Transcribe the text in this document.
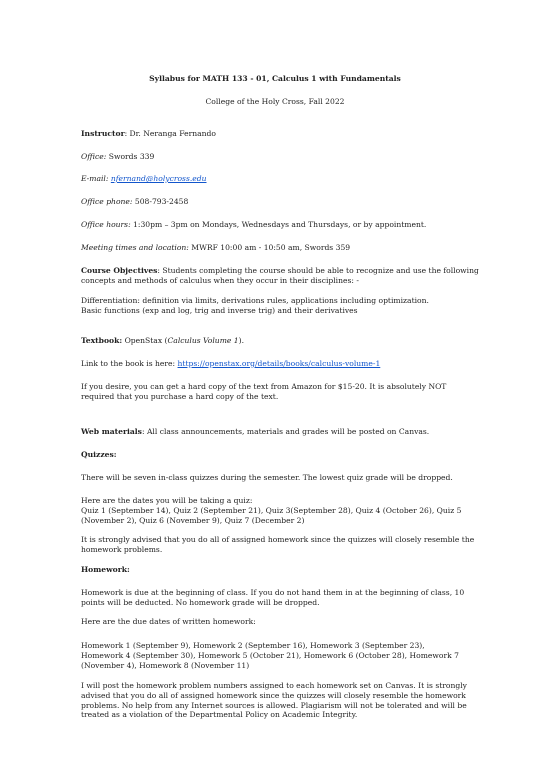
Syllabus for MATH 133 - 01, Calculus 1 with Fundamentals

College of the Holy Cross, Fall 2022

Instructor: Dr. Neranga Fernando

Office: Swords 339

E-mail: nfernand@holycross.edu

Office phone: 508-793-2458

Office hours: 1:30pm – 3pm on Mondays, Wednesdays and Thursdays, or by appointment.

Meeting times and location: MWRF 10:00 am - 10:50 am, Swords 359

Course Objectives: Students completing the course should be able to recognize and use the following concepts and methods of calculus when they occur in their disciplines: -

Differentiation: definition via limits, derivations rules, applications including optimization.

Basic functions (exp and log, trig and inverse trig) and their derivatives

Textbook: OpenStax (Calculus Volume 1).

Link to the book is here: https://openstax.org/details/books/calculus-volume-1

If you desire, you can get a hard copy of the text from Amazon for $15-20. It is absolutely NOT required that you purchase a hard copy of the text.

Web materials: All class announcements, materials and grades will be posted on Canvas.

Quizzes:

There will be seven in-class quizzes during the semester. The lowest quiz grade will be dropped.

Here are the dates you will be taking a quiz:

Quiz 1 (September 14), Quiz 2 (September 21), Quiz 3(September 28), Quiz 4 (October 26), Quiz 5 (November 2), Quiz 6 (November 9), Quiz 7 (December 2)

It is strongly advised that you do all of assigned homework since the quizzes will closely resemble the homework problems.

Homework:

Homework is due at the beginning of class. If you do not hand them in at the beginning of class, 10 points will be deducted. No homework grade will be dropped.

Here are the due dates of written homework:

Homework 1 (September 9), Homework 2 (September 16), Homework 3 (September 23),

Homework 4 (September 30), Homework 5 (October 21), Homework 6 (October 28), Homework 7 (November 4), Homework 8 (November 11)

I will post the homework problem numbers assigned to each homework set on Canvas. It is strongly advised that you do all of assigned homework since the quizzes will closely resemble the homework problems. No help from any Internet sources is allowed. Plagiarism will not be tolerated and will be treated as a violation of the Departmental Policy on Academic Integrity.
